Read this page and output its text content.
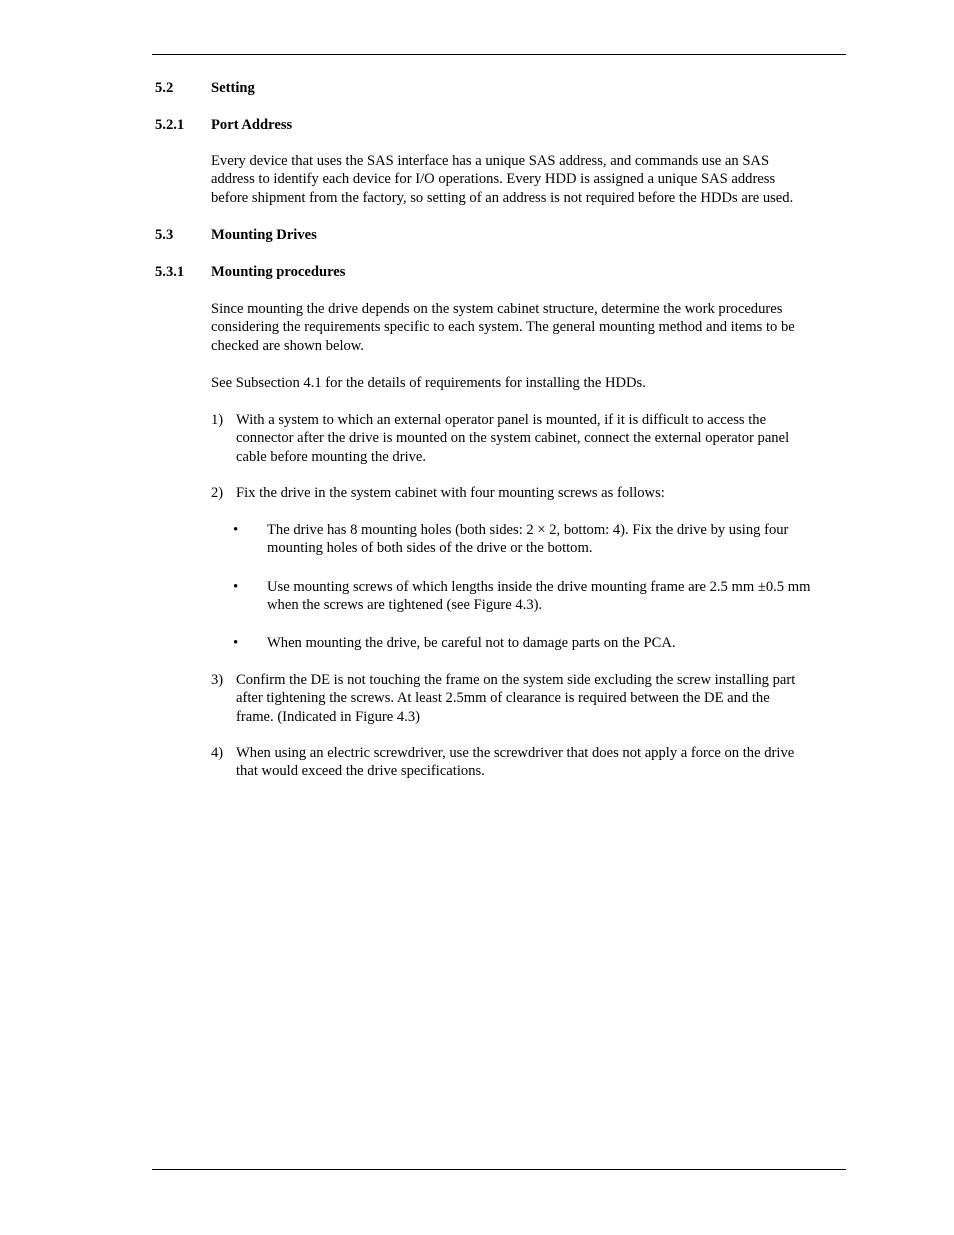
5.2	Setting
5.2.1 Port Address
Every device that uses the SAS interface has a unique SAS address, and commands use an SAS
address to identify each device for I/O operations. Every HDD is assigned a unique SAS address
before shipment from the factory, so setting of an address is not required before the HDDs are used.
5.3	Mounting Drives
5.3.1 Mounting procedures
Since mounting the drive depends on the system cabinet structure, determine the work procedures
considering the requirements specific to each system. The general mounting method and items to be
checked are shown below.
See Subsection 4.1 for the details of requirements for installing the HDDs.
1) With a system to which an external operator panel is mounted, if it is difficult to access the
connector after the drive is mounted on the system cabinet, connect the external operator panel
cable before mounting the drive.
2) Fix the drive in the system cabinet with four mounting screws as follows:
• The drive has 8 mounting holes (both sides: 2 × 2, bottom: 4). Fix the drive by using four
mounting holes of both sides of the drive or the bottom.
• Use mounting screws of which lengths inside the drive mounting frame are 2.5 mm ±0.5 mm
when the screws are tightened (see Figure 4.3).
• When mounting the drive, be careful not to damage parts on the PCA.
3) Confirm the DE is not touching the frame on the system side excluding the screw installing part
after tightening the screws. At least 2.5mm of clearance is required between the DE and the
frame. (Indicated in Figure 4.3)
4) When using an electric screwdriver, use the screwdriver that does not apply a force on the drive
that would exceed the drive specifications.
